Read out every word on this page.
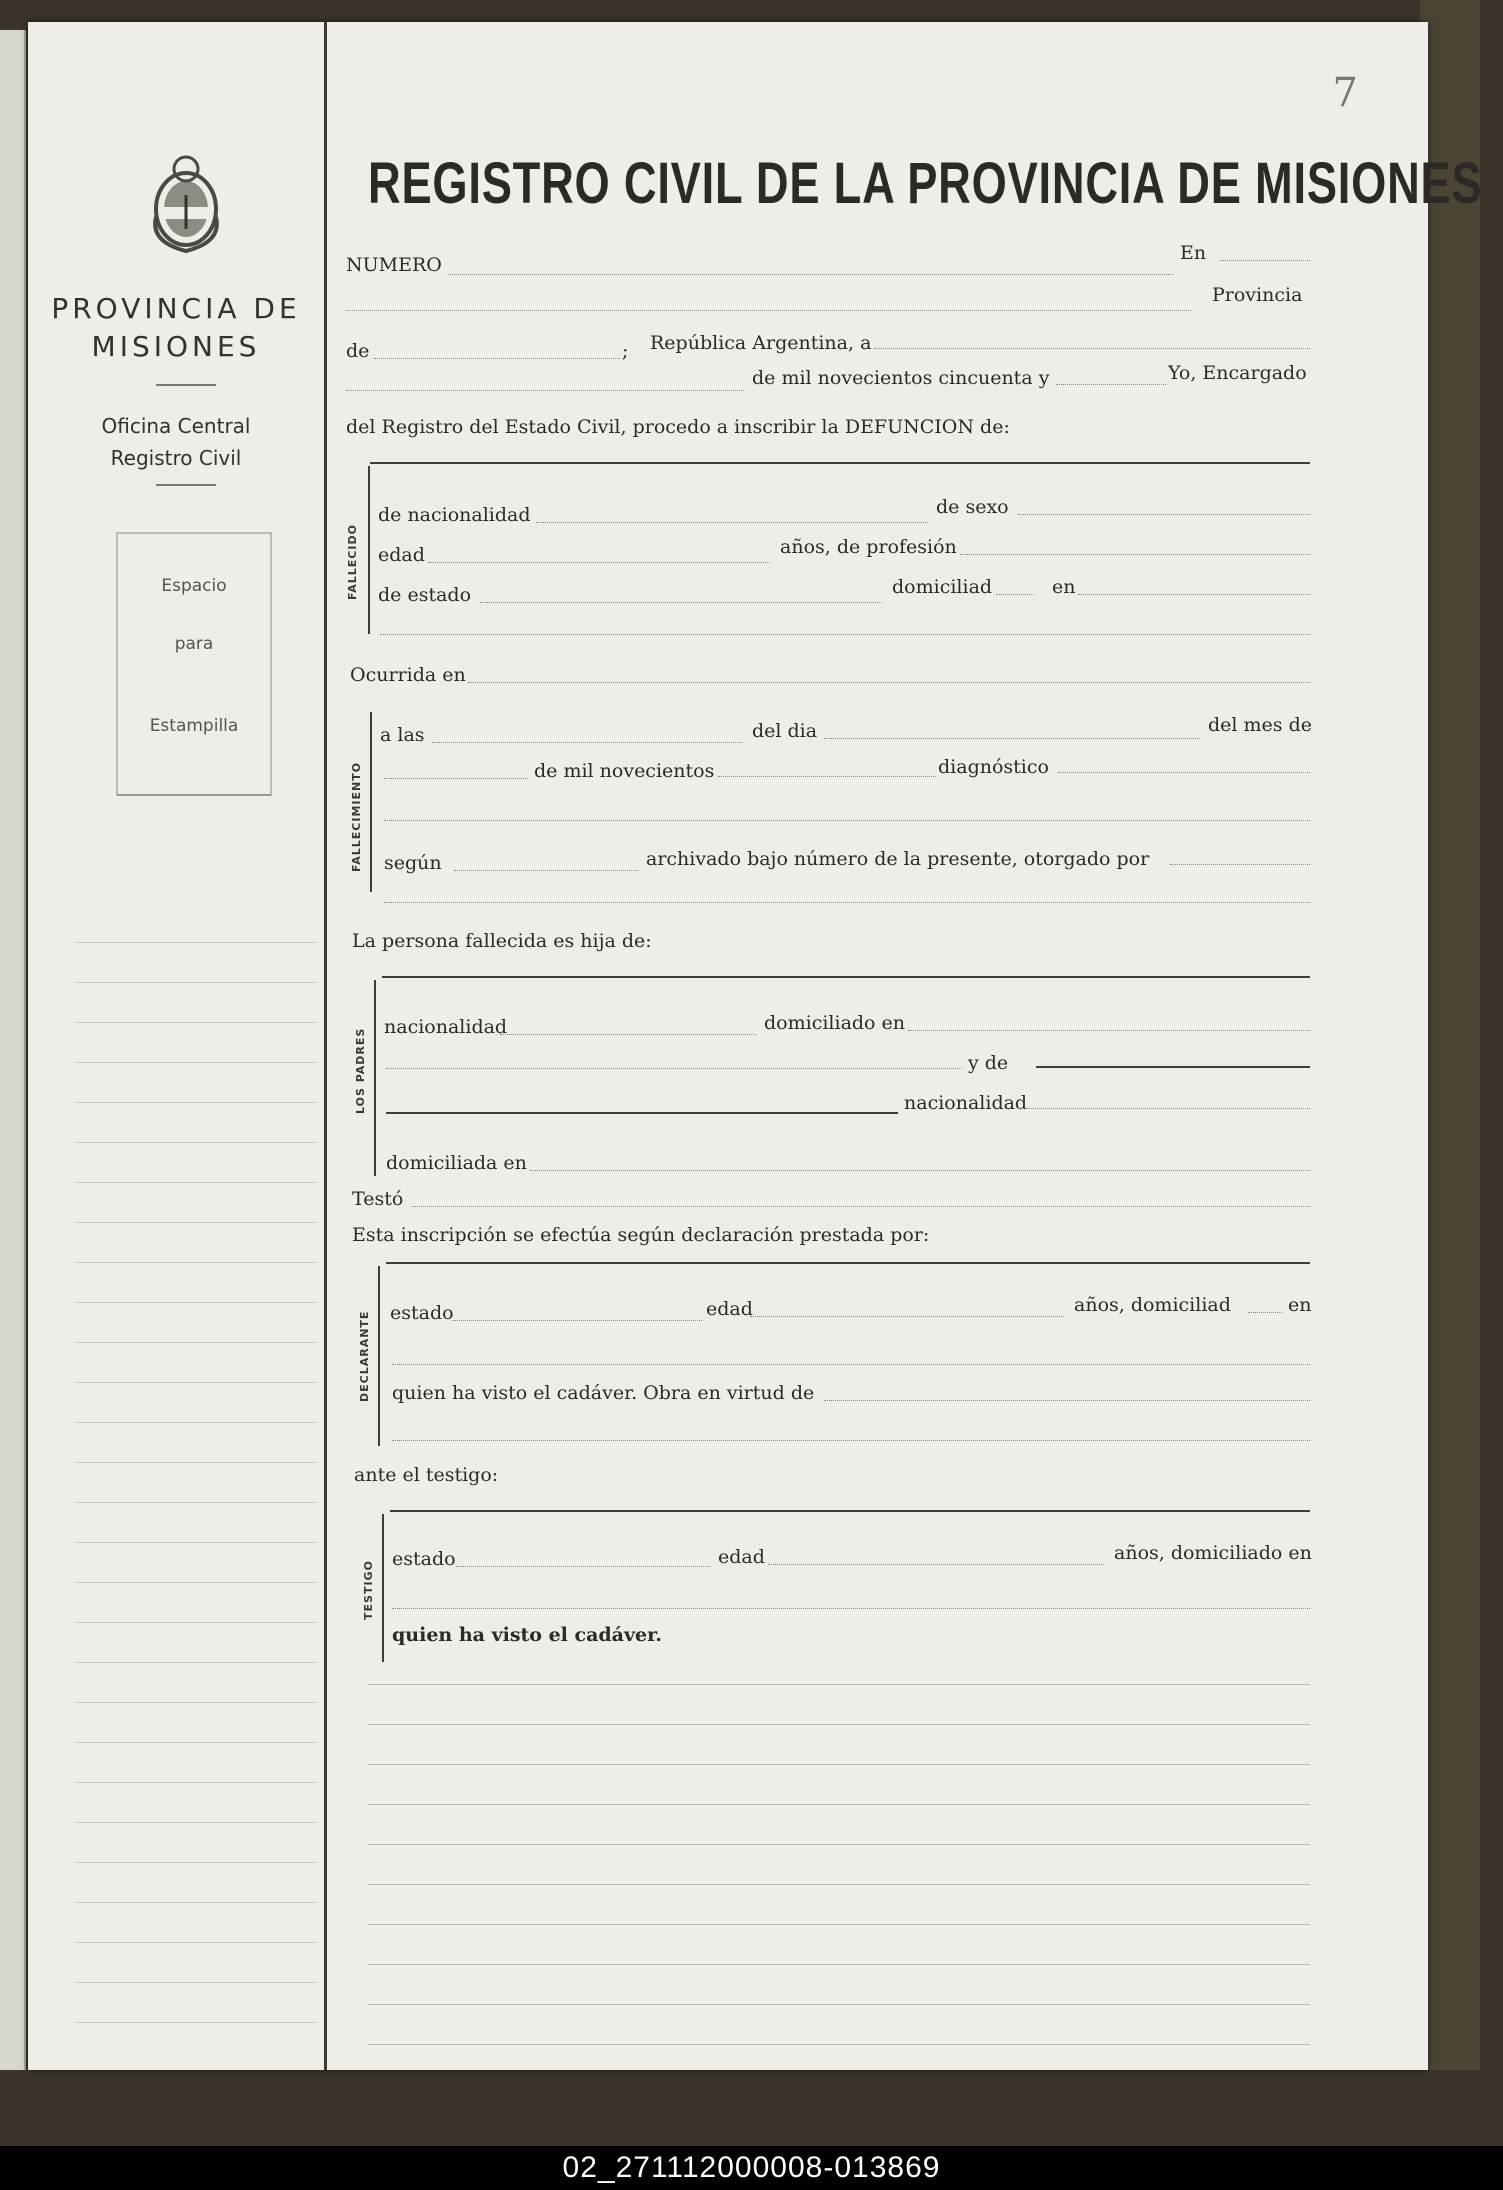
7
PROVINCIA DE
MISIONES
Oficina Central
Registro Civil
Espacio
para
Estampilla
REGISTRO CIVIL DE LA PROVINCIA DE MISIONES
NUMERO
En
Provincia
de	; República Argentina, a
de mil novecientos cincuenta y	Yo, Encargado
del Registro del Estado Civil, procedo a inscribir la DEFUNCION de:
FALLECIDO
de nacionalidad	de sexo
edad	años, de profesión
de estado	domiciliad	en
Ocurrida en
FALLECIMIENTO
a las	del dia	del mes de
de mil novecientos	diagnóstico
según	archivado bajo número de la presente, otorgado por
La persona fallecida es hija de:
LOS PADRES
nacionalidad	domiciliado en
y de
nacionalidad
domiciliada en
Testó
Esta inscripción se efectúa según declaración prestada por:
DECLARANTE estado	edad	años, domiciliad	en
quien ha visto el cadáver. Obra en virtud de
ante el testigo:
TESTIGO
estado	edad	años, domiciliado en
quien ha visto el cadáver.
02_271112000008-013869
